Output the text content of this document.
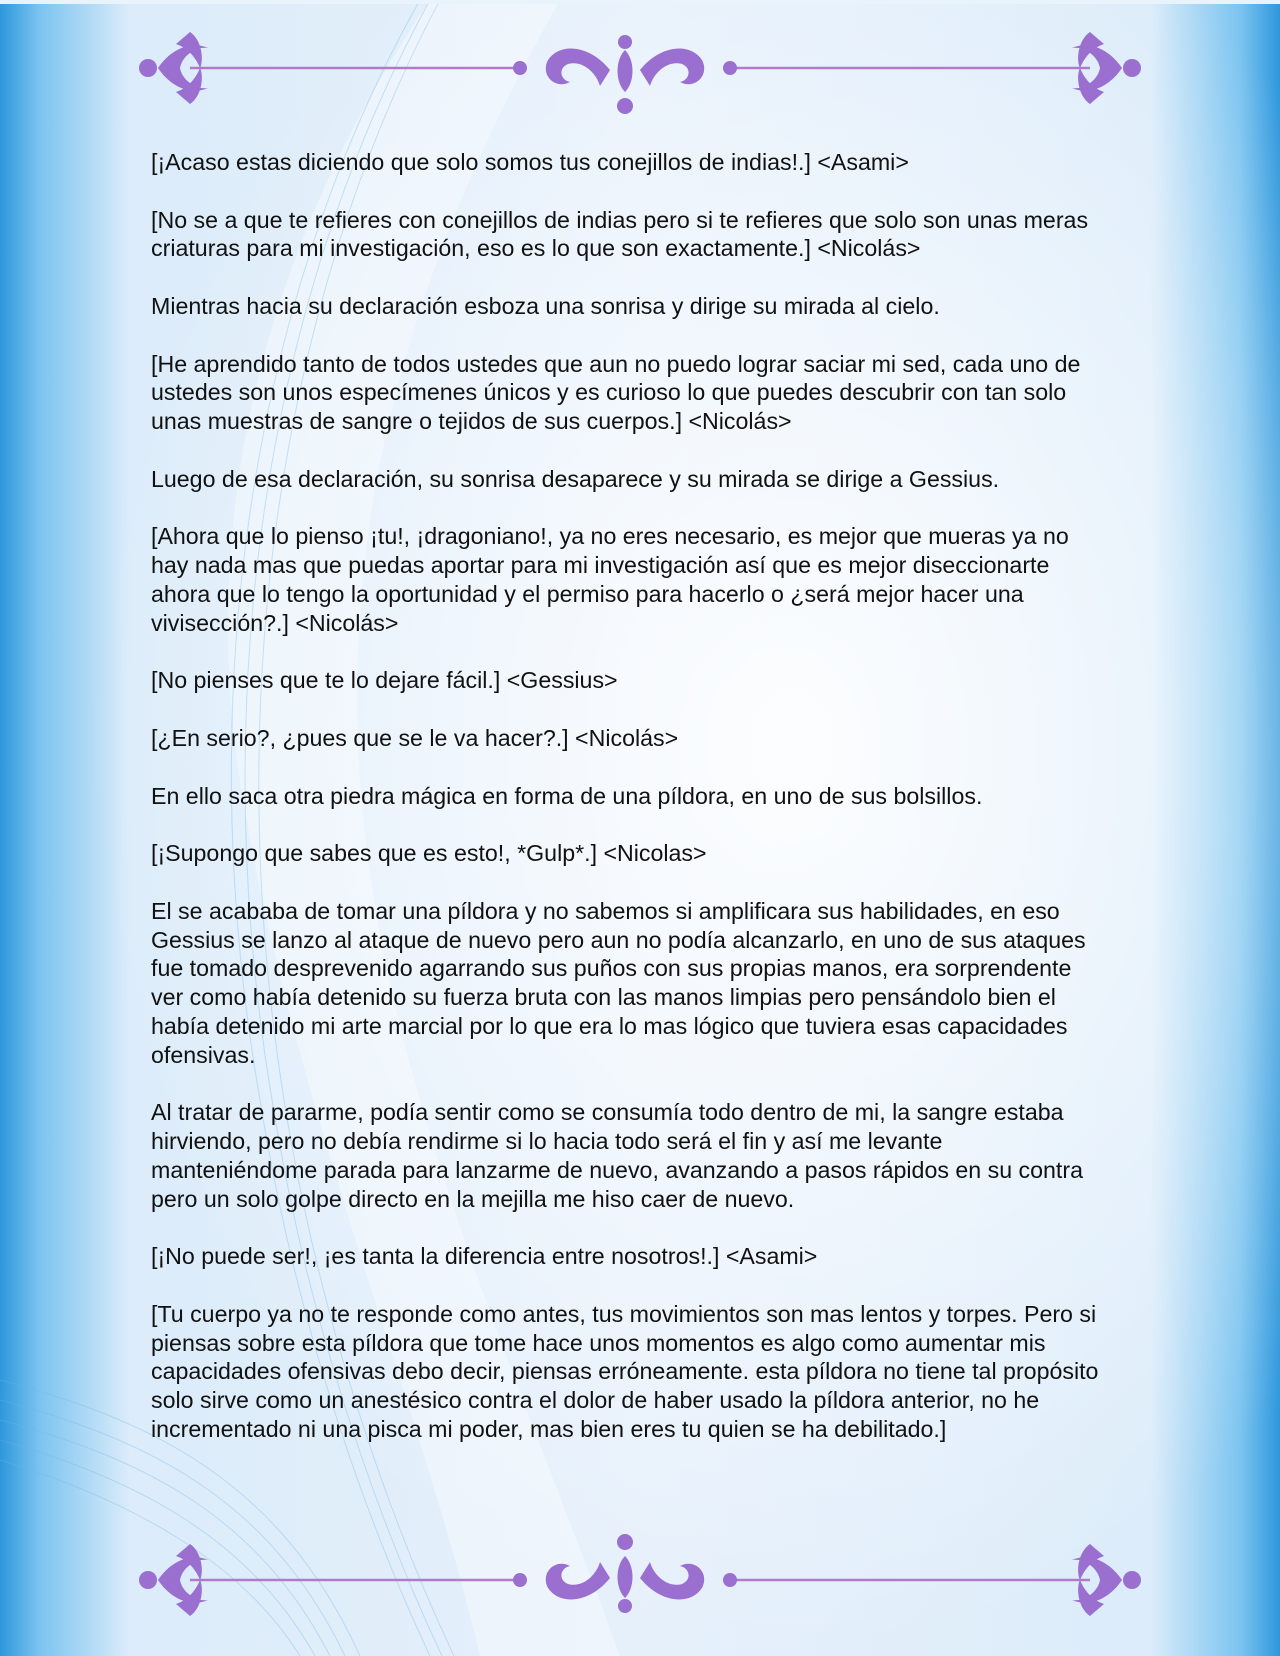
[¡Acaso estas diciendo que solo somos tus conejillos de indias!.] <Asami>

[No se a que te refieres con conejillos de indias pero si te refieres que solo son unas meras criaturas para mi investigación, eso es lo que son exactamente.] <Nicolás>

Mientras hacia su declaración esboza una sonrisa y dirige su mirada al cielo.

[He aprendido tanto de todos ustedes que aun no puedo lograr saciar mi sed, cada uno de ustedes son unos especímenes únicos y es curioso lo que puedes descubrir con tan solo unas muestras de sangre o tejidos de sus cuerpos.] <Nicolás>

Luego de esa declaración, su sonrisa desaparece y su mirada se dirige a Gessius.

[Ahora que lo pienso ¡tu!, ¡dragoniano!, ya no eres necesario, es mejor que mueras ya no hay nada mas que puedas aportar para mi investigación así que es mejor diseccionarte ahora que lo tengo la oportunidad y el permiso para hacerlo o ¿será mejor hacer una vivisección?.] <Nicolás>

[No pienses que te lo dejare fácil.] <Gessius>

[¿En serio?, ¿pues que se le va hacer?.] <Nicolás>

En ello saca otra piedra mágica en forma de una píldora, en uno de sus bolsillos.

[¡Supongo que sabes que es esto!, *Gulp*.] <Nicolas>

El se acababa de tomar una píldora y no sabemos si amplificara sus habilidades, en eso Gessius se lanzo al ataque de nuevo pero aun no podía alcanzarlo, en uno de sus ataques fue tomado desprevenido agarrando sus puños con sus propias manos, era sorprendente ver como había detenido su fuerza bruta con las manos limpias pero pensándolo bien el había detenido mi arte marcial por lo que era lo mas lógico que tuviera esas capacidades ofensivas.

Al tratar de pararme, podía sentir como se consumía todo dentro de mi, la sangre estaba hirviendo, pero no debía rendirme si lo hacia todo será el fin y así me levante manteniéndome parada para lanzarme de nuevo, avanzando a pasos rápidos en su contra pero un solo golpe directo en la mejilla me hiso caer de nuevo.

[¡No puede ser!, ¡es tanta la diferencia entre nosotros!.] <Asami>

[Tu cuerpo ya no te responde como antes, tus movimientos son mas lentos y torpes. Pero si piensas sobre esta píldora que tome hace unos momentos es algo como aumentar mis capacidades ofensivas debo decir, piensas erróneamente. esta píldora no tiene tal propósito solo sirve como un anestésico contra el dolor de haber usado la píldora anterior, no he incrementado ni una pisca mi poder, mas bien eres tu quien se ha debilitado.]
